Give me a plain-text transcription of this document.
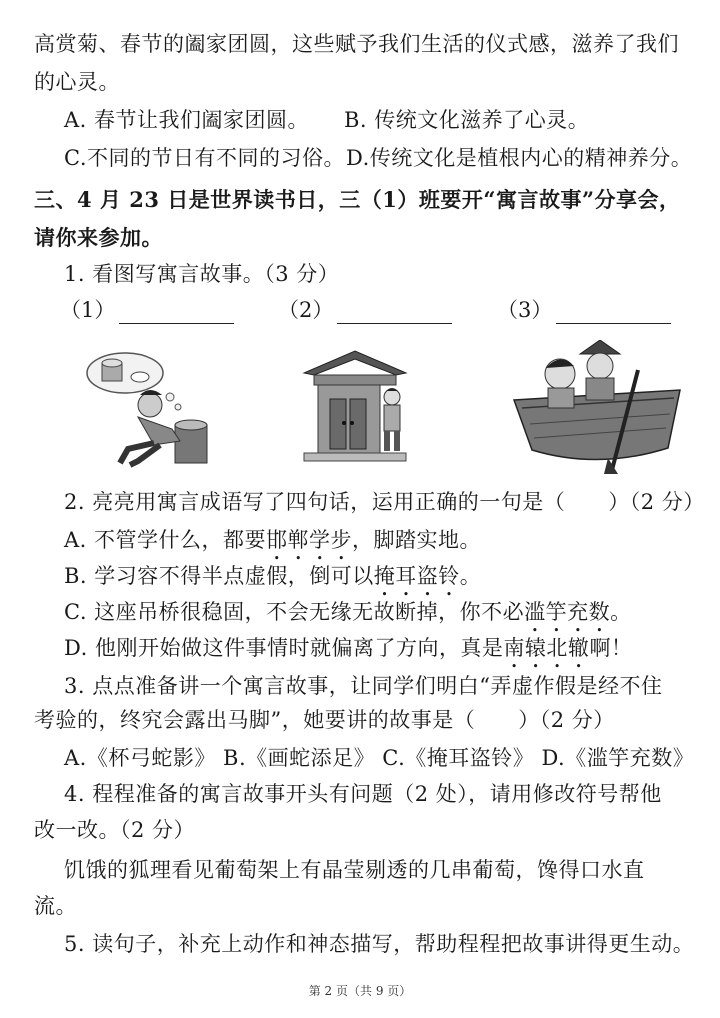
高赏菊、春节的阖家团圆，这些赋予我们生活的仪式感，滋养了我们
的心灵。
A. 春节让我们阖家团圆。 B. 传统文化滋养了心灵。
C.不同的节日有不同的习俗。 D.传统文化是植根内心的精神养分。
三、4 月 23 日是世界读书日，三（1）班要开“寓言故事”分享会，
请你来参加。
1. 看图写寓言故事。（3 分）
（1）	（2）	（3）
2. 亮亮用寓言成语写了四句话，运用正确的一句是（　　）（2 分）
A. 不管学什么，都要邯郸学步，脚踏实地。
B. 学习容不得半点虚假，倒可以掩耳盗铃。
C. 这座吊桥很稳固，不会无缘无故断掉，你不必滥竽充数。
D. 他刚开始做这件事情时就偏离了方向，真是南辕北辙啊！
3. 点点准备讲一个寓言故事，让同学们明白“弄虚作假是经不住
考验的，终究会露出马脚”，她要讲的故事是（　　）（2 分）
A.《杯弓蛇影》 B.《画蛇添足》 C.《掩耳盗铃》 D.《滥竽充数》
4. 程程准备的寓言故事开头有问题（2 处），请用修改符号帮他
改一改。（2 分）
饥饿的狐理看见葡萄架上有晶莹剔透的几串葡萄，馋得口水直
流。
5. 读句子，补充上动作和神态描写，帮助程程把故事讲得更生动。
第 2 页（共 9 页）
